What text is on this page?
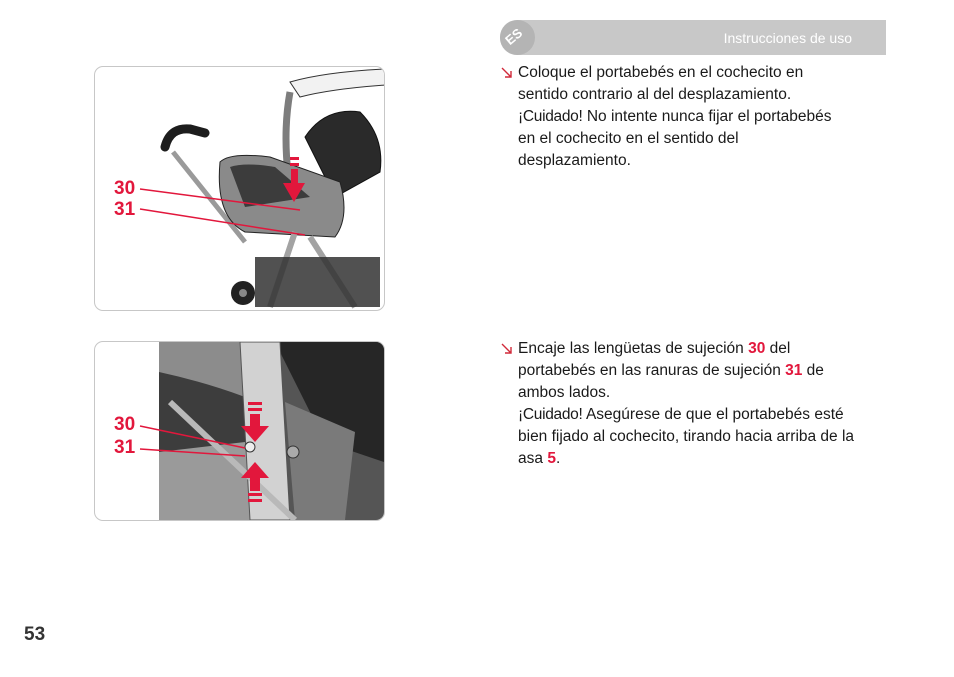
ES	Instrucciones de uso
30
31
30
31

Coloque el portabebés en el cochecito en
sentido contrario al del desplazamiento.
¡Cuidado! No intente nunca fijar el portabebés
en el cochecito en el sentido del
desplazamiento.

Encaje las lengüetas de sujeción 30 del
portabebés en las ranuras de sujeción 31 de
ambos lados.
¡Cuidado! Asegúrese de que el portabebés esté
bien fijado al cochecito, tirando hacia arriba de la
asa 5.

53
